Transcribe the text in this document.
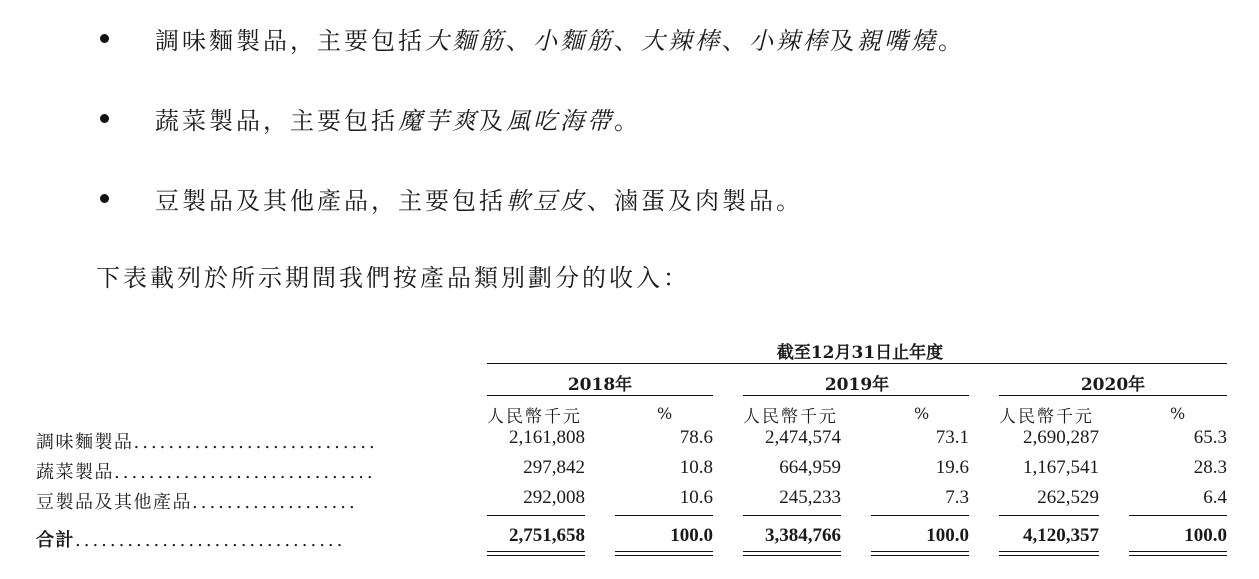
調味麵製品，主要包括 大麵筋 、 小麵筋 、 大辣棒 、 小辣棒 及 親嘴燒 。
蔬菜製品，主要包括 魔芋爽 及 風吃海帶 。
豆製品及其他產品，主要包括 軟豆皮 、滷蛋及肉製品 。
下表載列於所示期間我們按產品類別劃分的收入：
截至12月31日止年度
2018年	2019年	2020年
人民幣千元	%	人民幣千元	%	人民幣千元	%
調味麵製品............................	2,161,808	78.6	2,474,574	73.1	2,690,287	65.3
蔬菜製品..............................	297,842	10.8	664,959	19.6	1,167,541	28.3
豆製品及其他產品...................	292,008	10.6	245,233	7.3	262,529	6.4
合計...............................	2,751,658	100.0	3,384,766	100.0	4,120,357	100.0
